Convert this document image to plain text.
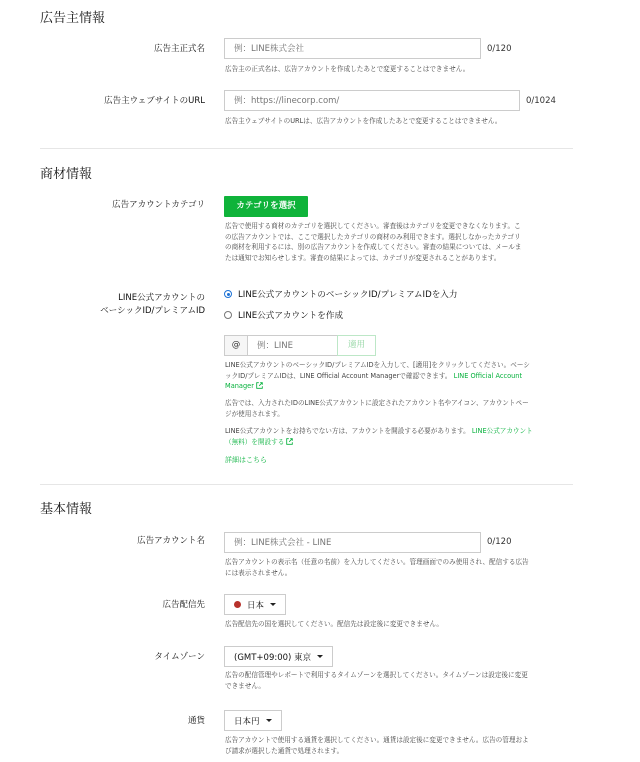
広告主情報
広告主正式名
例：LINE株式会社	0/120
広告主の正式名は、広告アカウントを作成したあとで変更することはできません。
広告主ウェブサイトのURL
例：https://linecorp.com/	0/1024
広告主ウェブサイトのURLは、広告アカウントを作成したあとで変更することはできません。
商材情報
広告アカウントカテゴリ	カテゴリを選択
広告で使用する商材のカテゴリを選択してください。審査後はカテゴリを変更できなくなります。この広告アカウントでは、ここで選択したカテゴリの商材のみ利用できます。選択しなかったカテゴリの商材を利用するには、別の広告アカウントを作成してください。審査の結果については、メールまたは通知でお知らせします。審査の結果によっては、カテゴリが変更されることがあります。
LINE公式アカウントの
ベーシックID/プレミアムID
LINE公式アカウントのベーシックID/プレミアムIDを入力
LINE公式アカウントを作成
@
例：LINE	適用
LINE公式アカウントのベーシックID/プレミアムIDを入力して、[適用]をクリックしてください。ベーシックID/プレミアムIDは、LINE Official Account Managerで確認できます。 LINE Official Account Manager
広告では、入力されたIDのLINE公式アカウントに設定されたアカウント名やアイコン、アカウントページが使用されます。
LINE公式アカウントをお持ちでない方は、アカウントを開設する必要があります。 LINE公式アカウント（無料）を開設する
詳細はこちら
基本情報
広告アカウント名
例：LINE株式会社 - LINE	0/120
広告アカウントの表示名（任意の名前）を入力してください。管理画面でのみ使用され、配信する広告には表示されません。
広告配信先	日本
広告配信先の国を選択してください。配信先は設定後に変更できません。
タイムゾーン	(GMT+09:00) 東京
広告の配信管理やレポートで利用するタイムゾーンを選択してください。タイムゾーンは設定後に変更できません。
通貨	日本円
広告アカウントで使用する通貨を選択してください。通貨は設定後に変更できません。広告の管理および請求が選択した通貨で処理されます。
